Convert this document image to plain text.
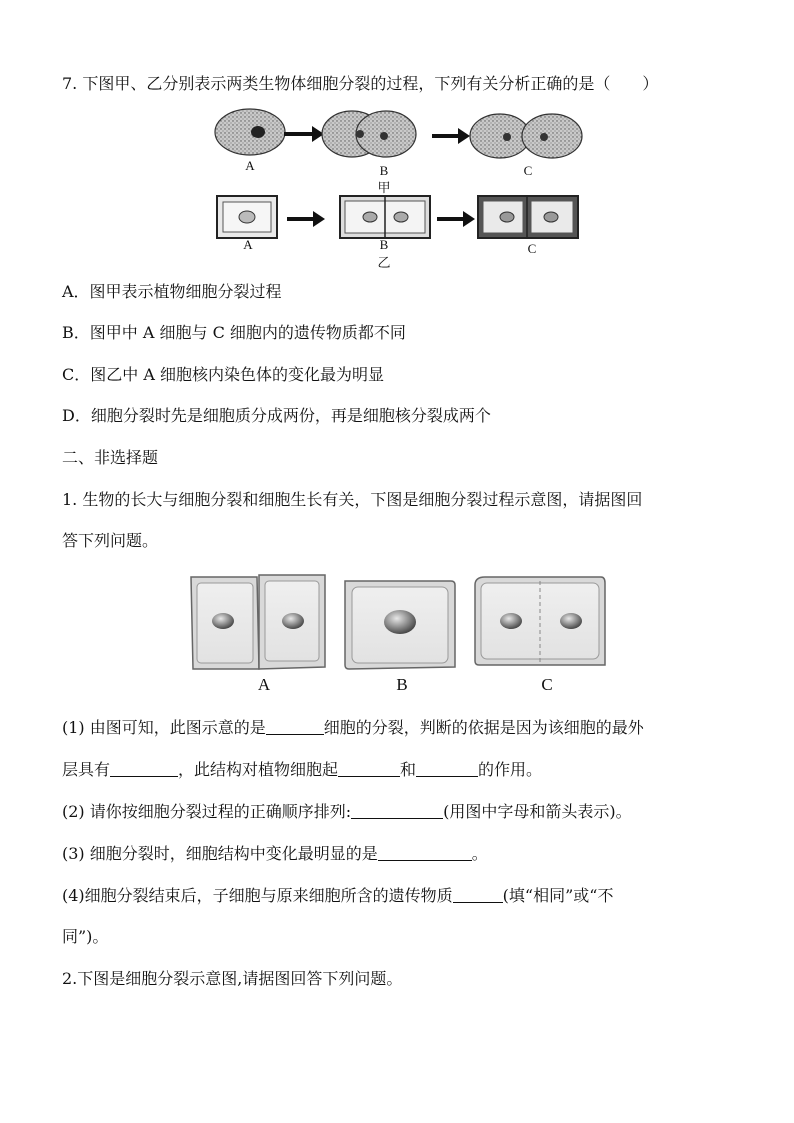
7. 下图甲、乙分别表示两类生物体细胞分裂的过程，下列有关分析正确的是（　　）
A	B	C
甲
A	B	C
乙
A．图甲表示植物细胞分裂过程
B．图甲中 A 细胞与 C 细胞内的遗传物质都不同
C．图乙中 A 细胞核内染色体的变化最为明显
D．细胞分裂时先是细胞质分成两份，再是细胞核分裂成两个
二、非选择题
1. 生物的长大与细胞分裂和细胞生长有关，下图是细胞分裂过程示意图，请据图回
答下列问题。
A	B	C
(1) 由图可知，此图示意的是	细胞的分裂，判断的依据是因为该细胞的最外
层具有	，此结构对植物细胞起	和	的作用。
(2) 请你按细胞分裂过程的正确顺序排列:	(用图中字母和箭头表示)。
(3) 细胞分裂时，细胞结构中变化最明显的是	。
(4)细胞分裂结束后，子细胞与原来细胞所含的遗传物质	(填“相同”或“不
同”)。
2.下图是细胞分裂示意图,请据图回答下列问题。
